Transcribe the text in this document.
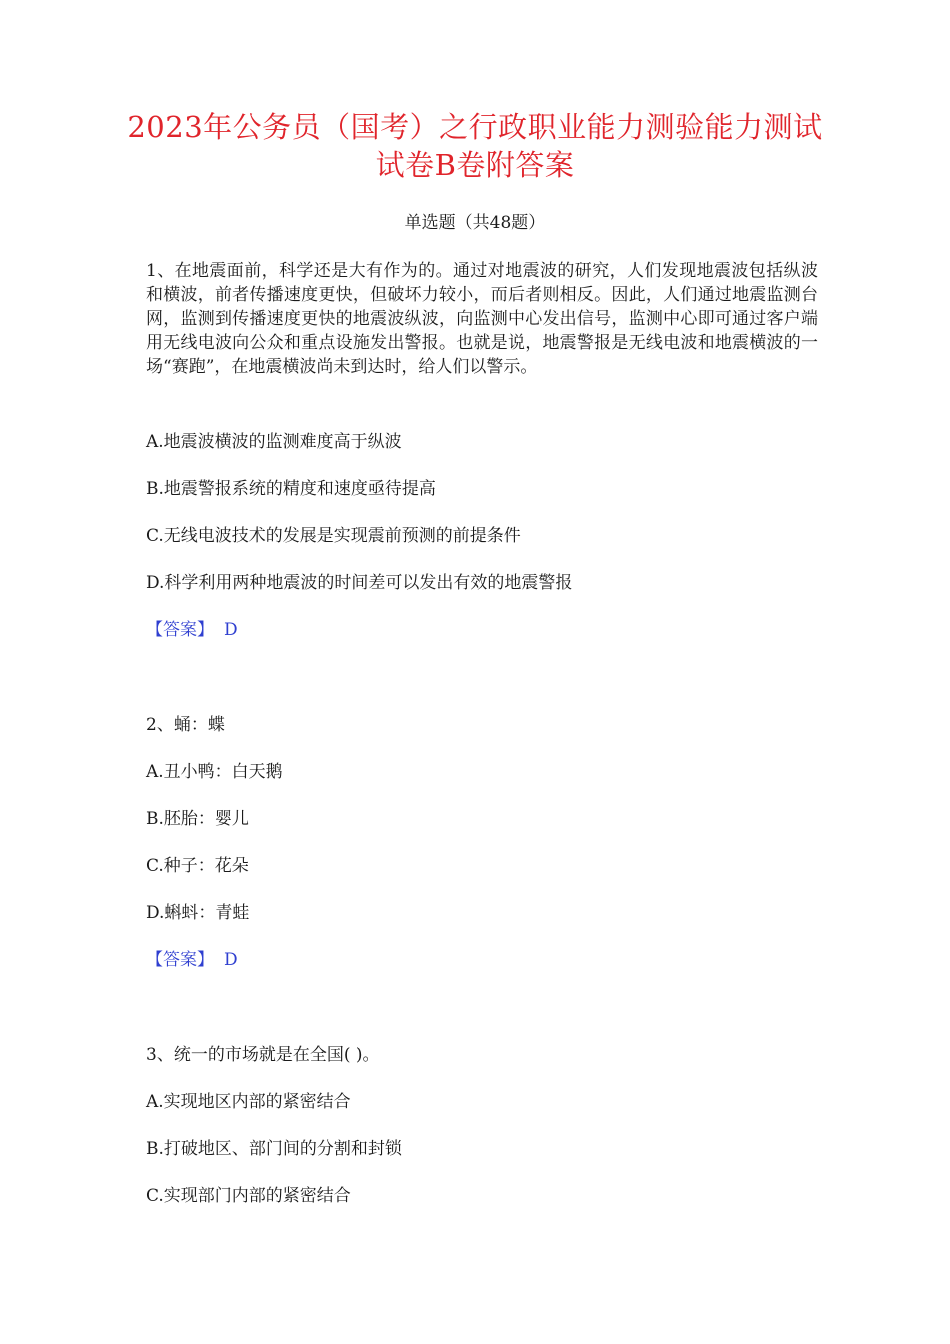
2023年公务员（国考）之行政职业能力测验能力测试试卷B卷附答案
单选题（共48题）
1、在地震面前，科学还是大有作为的。通过对地震波的研究，人们发现地震波包括纵波和横波，前者传播速度更快，但破坏力较小，而后者则相反。因此，人们通过地震监测台网，监测到传播速度更快的地震波纵波，向监测中心发出信号，监测中心即可通过客户端用无线电波向公众和重点设施发出警报。也就是说，地震警报是无线电波和地震横波的一场“赛跑”，在地震横波尚未到达时，给人们以警示。
A.地震波横波的监测难度高于纵波
B.地震警报系统的精度和速度亟待提高
C.无线电波技术的发展是实现震前预测的前提条件
D.科学利用两种地震波的时间差可以发出有效的地震警报
【答案】 D
2、蛹：蝶
A.丑小鸭：白天鹅
B.胚胎：婴儿
C.种子：花朵
D.蝌蚪：青蛙
【答案】 D
3、统一的市场就是在全国( )。
A.实现地区内部的紧密结合
B.打破地区、部门间的分割和封锁
C.实现部门内部的紧密结合
